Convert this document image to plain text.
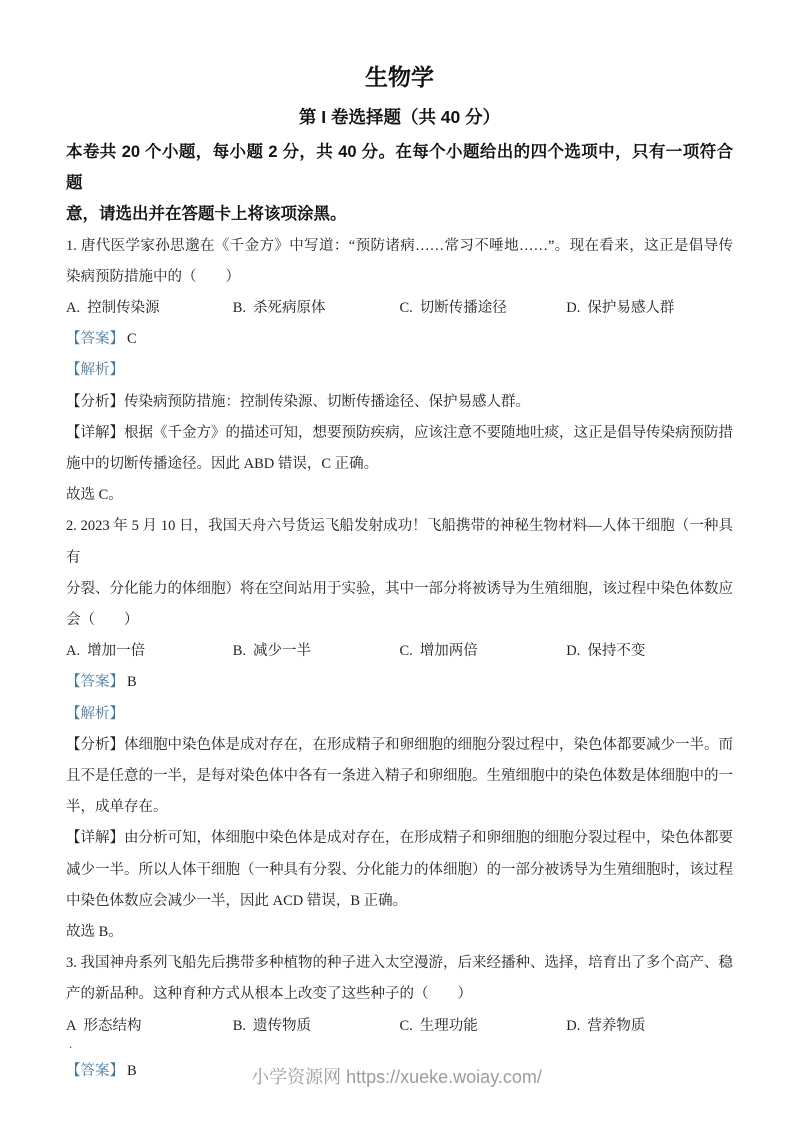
生物学
第 I 卷选择题（共 40 分）
本卷共 20 个小题，每小题 2 分，共 40 分。在每个小题给出的四个选项中，只有一项符合题
意，请选出并在答题卡上将该项涂黑。
1. 唐代医学家孙思邈在《千金方》中写道：“预防诸病……常习不唾地……”。现在看来，这正是倡导传
染病预防措施中的（　　）
A. 控制传染源	B. 杀死病原体	C. 切断传播途径	D. 保护易感人群
【答案】 C
【解析】
【分析】传染病预防措施：控制传染源、切断传播途径、保护易感人群。
【详解】根据《千金方》的描述可知，想要预防疾病，应该注意不要随地吐痰，这正是倡导传染病预防措
施中的切断传播途径。因此 ABD 错误，C 正确。
故选 C。
2. 2023 年 5 月 10 日，我国天舟六号货运飞船发射成功！飞船携带的神秘生物材料—人体干细胞（一种具有
分裂、分化能力的体细胞）将在空间站用于实验，其中一部分将被诱导为生殖细胞，该过程中染色体数应
会（　　）
A. 增加一倍	B. 减少一半	C. 增加两倍	D. 保持不变
【答案】 B
【解析】
【分析】体细胞中染色体是成对存在，在形成精子和卵细胞的细胞分裂过程中，染色体都要减少一半。而
且不是任意的一半，是每对染色体中各有一条进入精子和卵细胞。生殖细胞中的染色体数是体细胞中的一
半，成单存在。
【详解】由分析可知，体细胞中染色体是成对存在，在形成精子和卵细胞的细胞分裂过程中，染色体都要
减少一半。所以人体干细胞（一种具有分裂、分化能力的体细胞）的一部分被诱导为生殖细胞时，该过程
中染色体数应会减少一半，因此 ACD 错误，B 正确。
故选 B。
3. 我国神舟系列飞船先后携带多种植物的种子进入太空漫游，后来经播种、选择，培育出了多个高产、稳
产的新品种。这种育种方式从根本上改变了这些种子的（　　）
A 形态结构
.
B. 遗传物质	C. 生理功能	D. 营养物质
【答案】 B	小学资源网 https://xueke.woiay.com/
